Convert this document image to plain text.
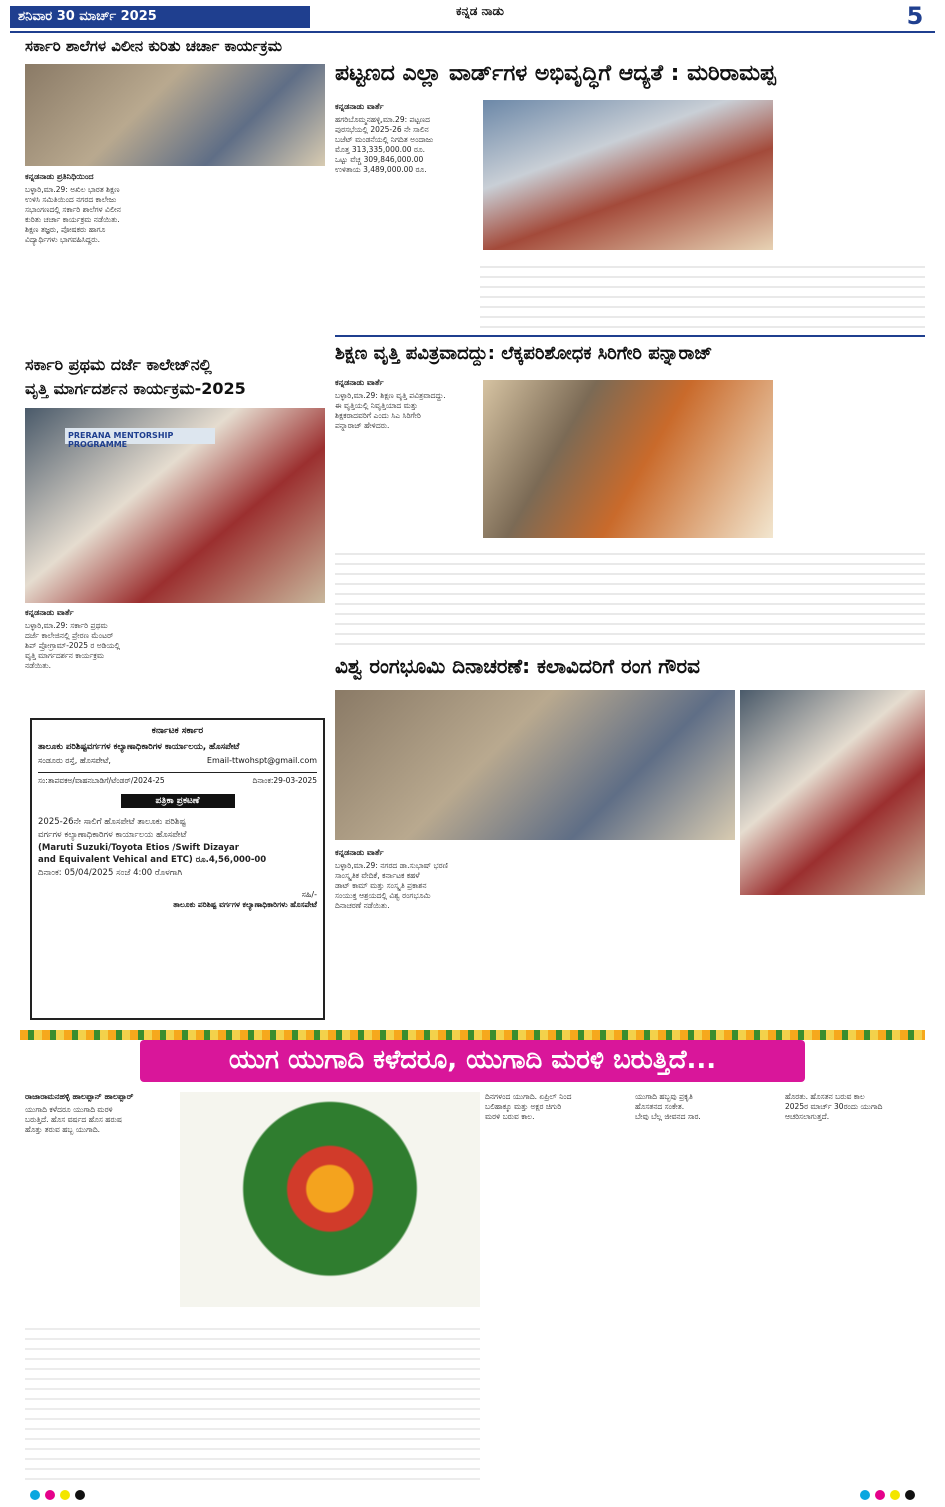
ಶನಿವಾರ 30 ಮಾರ್ಚ್ 2025	ಕನ್ನಡ ನಾಡು	5
ಸರ್ಕಾರಿ ಶಾಲೆಗಳ ವಿಲೀನ ಕುರಿತು ಚರ್ಚಾ ಕಾರ್ಯಕ್ರಮ
ಕನ್ನಡನಾಡು ಪ್ರತಿನಿಧಿಯಿಂದ
ಬಳ್ಳಾರಿ,ಮಾ.29: ಅಖಿಲ ಭಾರತ ಶಿಕ್ಷಣ
ಉಳಿಸಿ ಸಮಿತಿಯಿಂದ ನಗರದ ಕಾಲೇಜು
ಸಭಾಂಗಣದಲ್ಲಿ ಸರ್ಕಾರಿ ಶಾಲೆಗಳ ವಿಲೀನ
ಕುರಿತು ಚರ್ಚಾ ಕಾರ್ಯಕ್ರಮ ನಡೆಯಿತು.
ಶಿಕ್ಷಣ ತಜ್ಞರು, ಪೋಷಕರು ಹಾಗೂ
ವಿದ್ಯಾರ್ಥಿಗಳು ಭಾಗವಹಿಸಿದ್ದರು.
ಪಟ್ಟಣದ ಎಲ್ಲಾ ವಾರ್ಡ್‌ಗಳ ಅಭಿವೃದ್ಧಿಗೆ ಆದ್ಯತೆ : ಮರಿರಾಮಪ್ಪ
ಕನ್ನಡನಾಡು ವಾರ್ತೆ
ಹಗರಿಬೊಮ್ಮನಹಳ್ಳಿ,ಮಾ.29: ಪಟ್ಟಣದ
ಪುರಸಭೆಯಲ್ಲಿ 2025-26 ನೇ ಸಾಲಿನ
ಬಜೆಟ್ ಮಂಡನೆಯಲ್ಲಿ ನಿಗದಿತ ಅಂದಾಜು
ಮೊತ್ತ 313,335,000.00 ರೂ.
ಒಟ್ಟು ವೆಚ್ಚ 309,846,000.00
ಉಳಿತಾಯ 3,489,000.00 ರೂ.
ಸರ್ಕಾರಿ ಪ್ರಥಮ ದರ್ಜೆ ಕಾಲೇಜ್‌ನಲ್ಲಿ
ವೃತ್ತಿ ಮಾರ್ಗದರ್ಶನ ಕಾರ್ಯಕ್ರಮ-2025
PRERANA MENTORSHIP PROGRAMME
ಕನ್ನಡನಾಡು ವಾರ್ತೆ
ಬಳ್ಳಾರಿ,ಮಾ.29: ಸರ್ಕಾರಿ ಪ್ರಥಮ
ದರ್ಜೆ ಕಾಲೇಜಿನಲ್ಲಿ ಪ್ರೇರಣ ಮೆಂಟರ್
ಶಿಪ್ ಪ್ರೋಗ್ರಾಮ್-2025 ರ ಅಡಿಯಲ್ಲಿ
ವೃತ್ತಿ ಮಾರ್ಗದರ್ಶನ ಕಾರ್ಯಕ್ರಮ
ನಡೆಯಿತು.
ಕರ್ನಾಟಕ ಸರ್ಕಾರ
ತಾಲೂಕು ಪರಿಶಿಷ್ಟವರ್ಗಗಳ ಕಲ್ಯಾಣಾಧಿಕಾರಿಗಳ ಕಾರ್ಯಾಲಯ, ಹೊಸಪೇಟೆ
ಸಂಡೂರು ರಸ್ತೆ, ಹೊಸಪೇಟೆ,	Email-ttwohspt@gmail.com
ಸಂ:ತಾಪವಕಅ/ವಾಹನಬಾಡಿಗೆ/ಟೆಂಡರ್/2024-25	ದಿನಾಂಕ:29-03-2025
ಪತ್ರಿಕಾ ಪ್ರಕಟಣೆ
2025-26ನೇ ಸಾಲಿಗೆ ಹೊಸಪೇಟೆ ತಾಲೂಕು ಪರಿಶಿಷ್ಟ
ವರ್ಗಗಳ ಕಲ್ಯಾಣಾಧಿಕಾರಿಗಳ ಕಾರ್ಯಾಲಯ ಹೊಸಪೇಟೆ
(Maruti Suzuki/Toyota Etios /Swift Dizayar
and Equivalent Vehical and ETC) ರೂ.4,56,000-00
ದಿನಾಂಕ: 05/04/2025 ಸಂಜೆ 4:00 ರೊಳಗಾಗಿ
ಸಹಿ/-
ತಾಲೂಕು ಪರಿಶಿಷ್ಟ ವರ್ಗಗಳ ಕಲ್ಯಾಣಾಧಿಕಾರಿಗಳು ಹೊಸಪೇಟೆ
ಶಿಕ್ಷಣ ವೃತ್ತಿ ಪವಿತ್ರವಾದದ್ದು: ಲೆಕ್ಕಪರಿಶೋಧಕ ಸಿರಿಗೇರಿ ಪನ್ನಾರಾಜ್
ಕನ್ನಡನಾಡು ವಾರ್ತೆ
ಬಳ್ಳಾರಿ,ಮಾ.29: ಶಿಕ್ಷಣ ವೃತ್ತಿ ಪವಿತ್ರವಾದದ್ದು.
ಈ ವೃತ್ತಿಯಲ್ಲಿ ನಿವೃತ್ತಿಯಾದ ಮತ್ತು
ಶಿಕ್ಷಕರಾದವರಿಗೆ ಎಂದು ಸಿಎ ಸಿರಿಗೇರಿ
ಪನ್ನಾರಾಜ್ ಹೇಳಿದರು.
ವಿಶ್ವ ರಂಗಭೂಮಿ ದಿನಾಚರಣೆ: ಕಲಾವಿದರಿಗೆ ರಂಗ ಗೌರವ
ಕನ್ನಡನಾಡು ವಾರ್ತೆ
ಬಳ್ಳಾರಿ,ಮಾ.29: ನಗರದ ಡಾ.ಸುಭಾಷ್ ಭರಣಿ
ಸಾಂಸ್ಕೃತಿಕ ವೇದಿಕೆ, ಕರ್ನಾಟಕ ಕಹಳೆ
ಡಾಟ್ ಕಾಮ್ ಮತ್ತು ಸಂಸ್ಕೃತಿ ಪ್ರಕಾಶನ
ಸಂಯುಕ್ತ ಆಶ್ರಯದಲ್ಲಿ ವಿಶ್ವ ರಂಗಭೂಮಿ
ದಿನಾಚರಣೆ ನಡೆಯಿತು.
ಯುಗ ಯುಗಾದಿ ಕಳೆದರೂ, ಯುಗಾದಿ ಮರಳಿ ಬರುತ್ತಿದೆ...
ರಾಜಾರಾಮನಹಳ್ಳಿ ಹಾಲಪ್ಪಾನ್ ಹಾಲಪ್ಪಾರ್
ಯುಗಾದಿ ಕಳೆದರೂ ಯುಗಾದಿ ಮರಳಿ
ಬರುತ್ತಿದೆ. ಹೊಸ ವರ್ಷದ ಹೊಸ ಹರುಷ
ಹೊತ್ತು ತರುವ ಹಬ್ಬ ಯುಗಾದಿ.
ದಿನಗಳಂದ ಯುಗಾದಿ. ಏಪ್ರಿಲ್ ನಿಂದ
ಬಲಿಹಾಕ್ಕೂ ಮತ್ತು ಅಕ್ಷರ ಚಿಗುರಿ
ಮರಳಿ ಬರುವ ಕಾಲ.
ಯುಗಾದಿ ಹಬ್ಬವು ಪ್ರಕೃತಿ
ಹೊಸತನದ ಸಂಕೇತ.
ಬೇವು ಬೆಲ್ಲ ಜೀವನದ ಸಾರ.
ಹೊರತು. ಹೊಸತನ ಬರುವ ಕಾಲ
2025ರ ಮಾರ್ಚ್ 30ರಂದು ಯುಗಾದಿ
ಆಚರಿಸಲಾಗುತ್ತದೆ.
